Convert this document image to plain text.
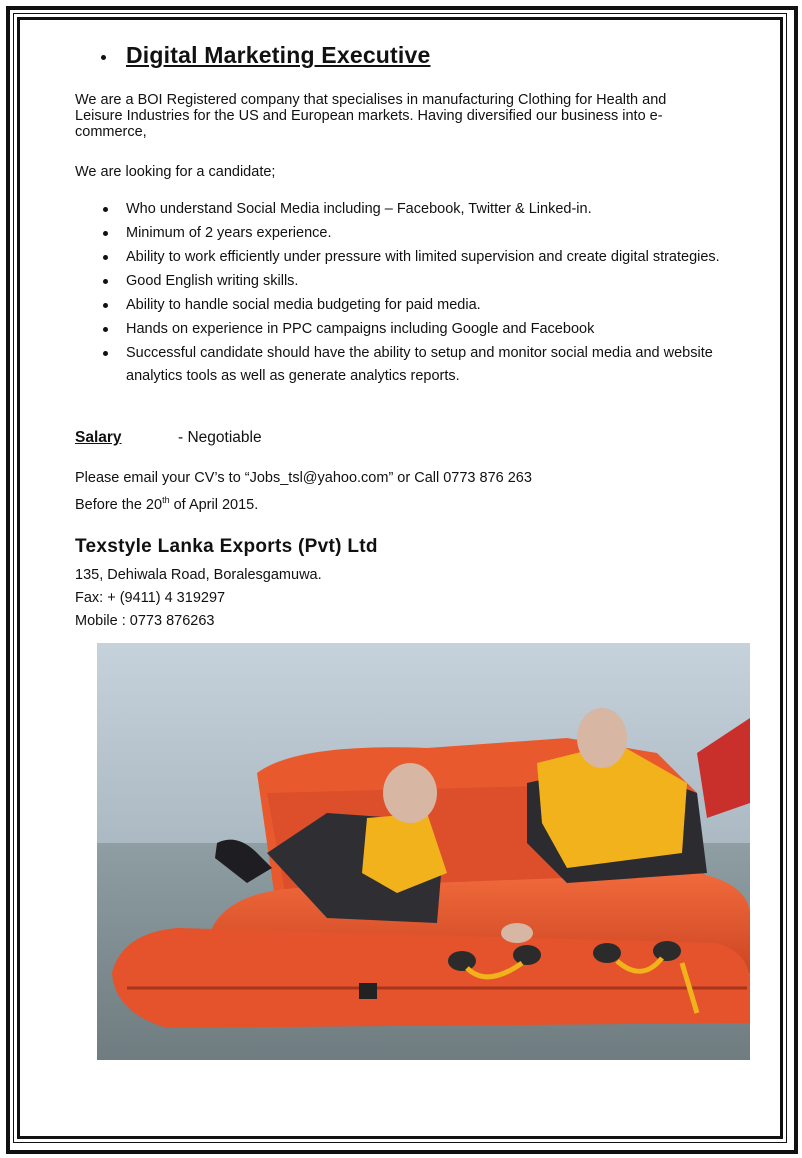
Digital Marketing Executive
We are a BOI Registered company that specialises in manufacturing Clothing for Health and Leisure Industries for the US and European markets. Having diversified our business into e- commerce,
We are looking for a candidate;
Who understand Social Media including – Facebook, Twitter & Linked-in.
Minimum of 2 years experience.
Ability to work efficiently under pressure with limited supervision and create digital strategies.
Good English writing skills.
Ability to handle social media budgeting for paid media.
Hands on experience in PPC campaigns including Google and Facebook
Successful candidate should have the ability to setup and monitor social media and website analytics tools as well as generate analytics reports.
Salary	- Negotiable
Please email your CV’s to “Jobs_tsl@yahoo.com” or Call 0773 876 263
Before the 20th of April 2015.
Texstyle Lanka Exports (Pvt) Ltd
135, Dehiwala Road, Boralesgamuwa.
Fax: + (9411) 4 319297
Mobile : 0773 876263
